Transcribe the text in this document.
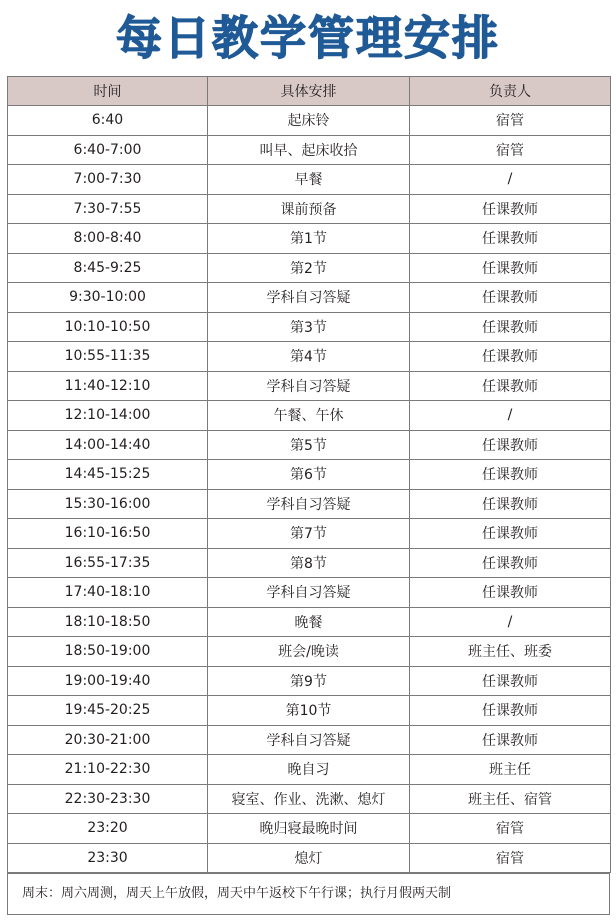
每日教学管理安排
时间	具体安排	负责人
6:40	起床铃	宿管
6:40-7:00	叫早、起床收拾	宿管
7:00-7:30	早餐	/
7:30-7:55	课前预备	任课教师
8:00-8:40	第1节	任课教师
8:45-9:25	第2节	任课教师
9:30-10:00	学科自习答疑	任课教师
10:10-10:50	第3节	任课教师
10:55-11:35	第4节	任课教师
11:40-12:10	学科自习答疑	任课教师
12:10-14:00	午餐、午休	/
14:00-14:40	第5节	任课教师
14:45-15:25	第6节	任课教师
15:30-16:00	学科自习答疑	任课教师
16:10-16:50	第7节	任课教师
16:55-17:35	第8节	任课教师
17:40-18:10	学科自习答疑	任课教师
18:10-18:50	晚餐	/
18:50-19:00	班会/晚读	班主任、班委
19:00-19:40	第9节	任课教师
19:45-20:25	第10节	任课教师
20:30-21:00	学科自习答疑	任课教师
21:10-22:30	晚自习	班主任
22:30-23:30	寝室、作业、洗漱、熄灯	班主任、宿管
23:20	晚归寝最晚时间	宿管
23:30	熄灯	宿管
周末：周六周测，周天上午放假，周天中午返校下午行课；执行月假两天制
